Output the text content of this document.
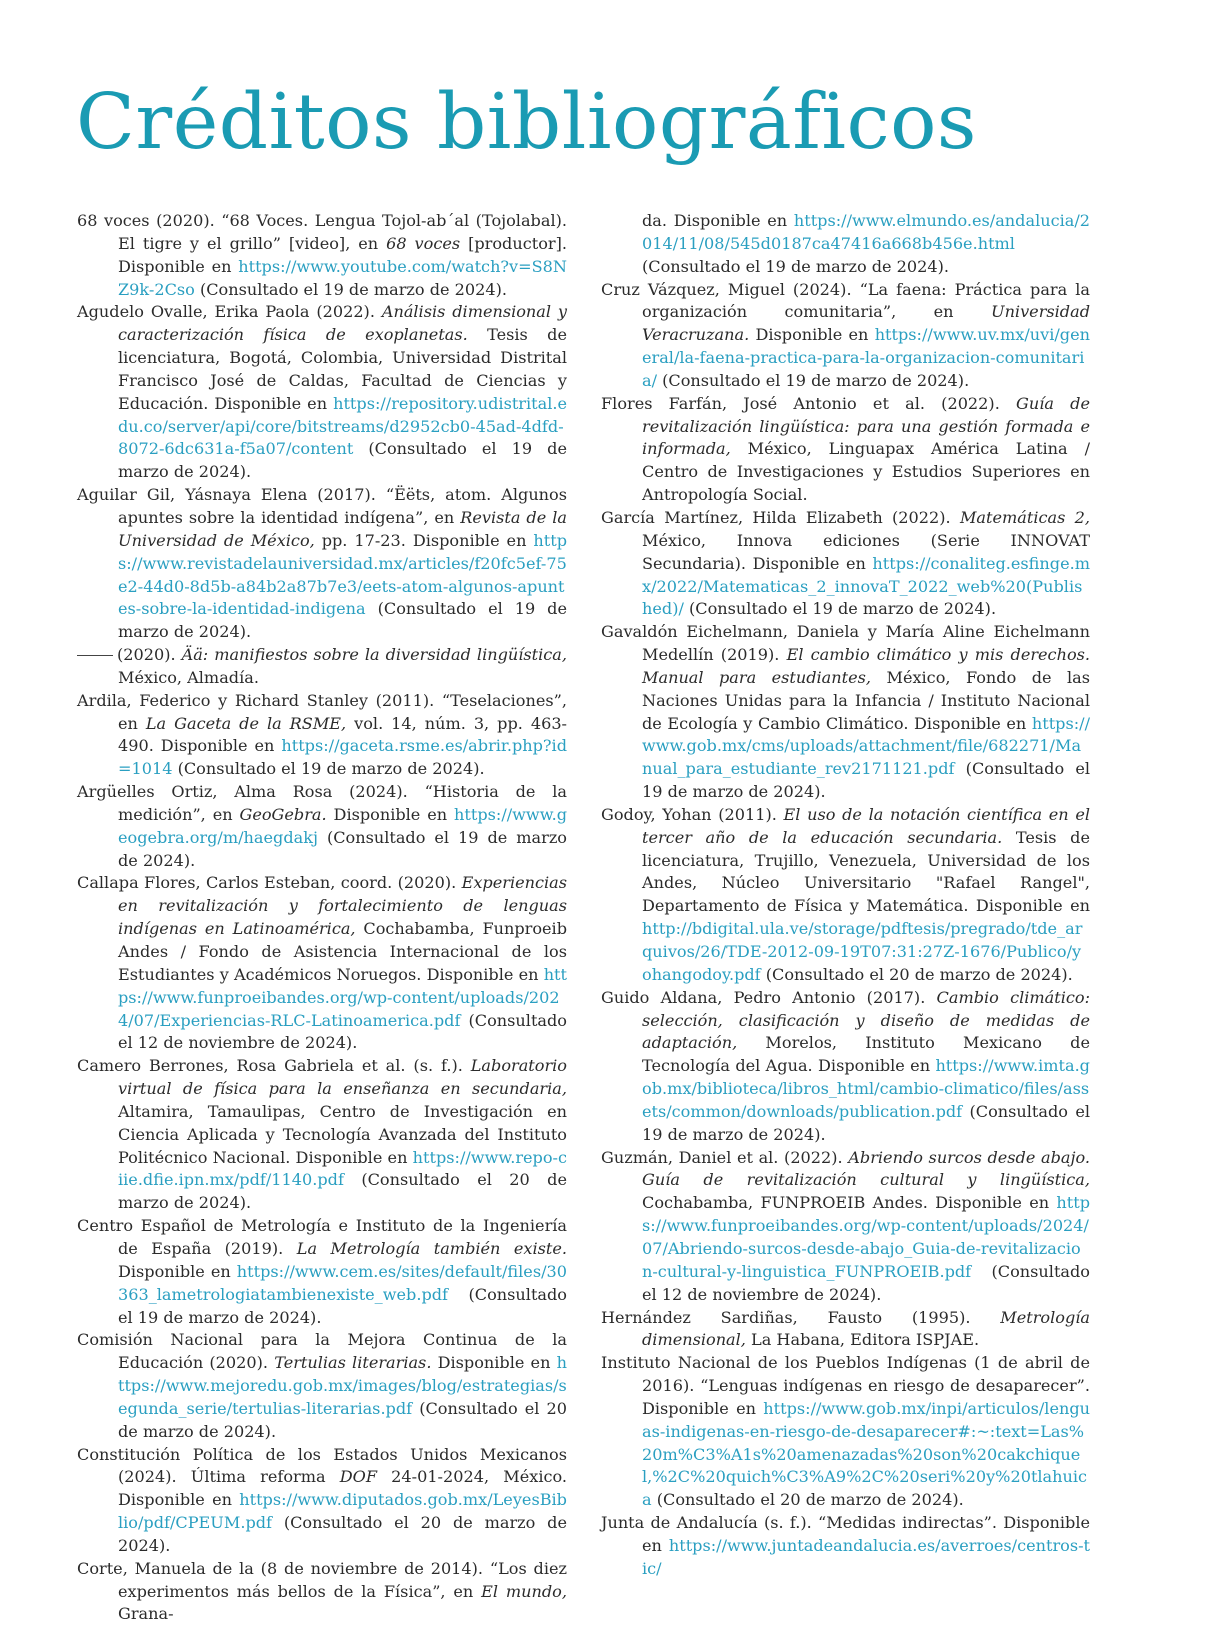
Créditos bibliográficos

68 voces (2020). “68 Voces. Lengua Tojol-ab´al (Tojolabal). El tigre y el grillo” [video], en 68 voces [productor]. Disponible en https://www.youtube.com/watch?v=S8NZ9k-2Cso (Consultado el 19 de marzo de 2024).

Agudelo Ovalle, Erika Paola (2022). Análisis dimensional y caracterización física de exoplanetas. Tesis de licenciatura, Bogotá, Colombia, Universidad Distrital Francisco José de Caldas, Facultad de Ciencias y Educación. Disponible en https://repository.udistrital.edu.co/server/api/core/bitstreams/d2952cb0-45ad-4dfd-8072-6dc631a-f5a07/content (Consultado el 19 de marzo de 2024).

Aguilar Gil, Yásnaya Elena (2017). “Ëëts, atom. Algunos apuntes sobre la identidad indígena”, en Revista de la Universidad de México, pp. 17-23. Disponible en https://www.revistadelauniversidad.mx/articles/f20fc5ef-75e2-44d0-8d5b-a84b2a87b7e3/eets-atom-algunos-apuntes-sobre-la-identidad-indigena (Consultado el 19 de marzo de 2024).

(2020). Ää: manifiestos sobre la diversidad lingüística, México, Almadía.

Ardila, Federico y Richard Stanley (2011). “Teselaciones”, en La Gaceta de la RSME, vol. 14, núm. 3, pp. 463-490. Disponible en https://gaceta.rsme.es/abrir.php?id=1014 (Consultado el 19 de marzo de 2024).

Argüelles Ortiz, Alma Rosa (2024). “Historia de la medición”, en GeoGebra. Disponible en https://www.geogebra.org/m/haegdakj (Consultado el 19 de marzo de 2024).

Callapa Flores, Carlos Esteban, coord. (2020). Experiencias en revitalización y fortalecimiento de lenguas indígenas en Latinoamérica, Cochabamba, Funproeib Andes / Fondo de Asistencia Internacional de los Estudiantes y Académicos Noruegos. Disponible en https://www.funproeibandes.org/wp-content/uploads/2024/07/Experiencias-RLC-Latinoamerica.pdf (Consultado el 12 de noviembre de 2024).

Camero Berrones, Rosa Gabriela et al. (s. f.). Laboratorio virtual de física para la enseñanza en secundaria, Altamira, Tamaulipas, Centro de Investigación en Ciencia Aplicada y Tecnología Avanzada del Instituto Politécnico Nacional. Disponible en https://www.repo-ciie.dfie.ipn.mx/pdf/1140.pdf (Consultado el 20 de marzo de 2024).

Centro Español de Metrología e Instituto de la Ingeniería de España (2019). La Metrología también existe. Disponible en https://www.cem.es/sites/default/files/30363_lametrologiatambienexiste_web.pdf (Consultado el 19 de marzo de 2024).

Comisión Nacional para la Mejora Continua de la Educación (2020). Tertulias literarias. Disponible en https://www.mejoredu.gob.mx/images/blog/estrategias/segunda_serie/tertulias-literarias.pdf (Consultado el 20 de marzo de 2024).

Constitución Política de los Estados Unidos Mexicanos (2024). Última reforma DOF 24-01-2024, México. Disponible en https://www.diputados.gob.mx/LeyesBiblio/pdf/CPEUM.pdf (Consultado el 20 de marzo de 2024).

Corte, Manuela de la (8 de noviembre de 2014). “Los diez experimentos más bellos de la Física”, en El mundo, Grana-

da. Disponible en https://www.elmundo.es/andalucia/2014/11/08/545d0187ca47416a668b456e.html (Consultado el 19 de marzo de 2024).

Cruz Vázquez, Miguel (2024). “La faena: Práctica para la organización comunitaria”, en Universidad Veracruzana. Disponible en https://www.uv.mx/uvi/general/la-faena-practica-para-la-organizacion-comunitaria/ (Consultado el 19 de marzo de 2024).

Flores Farfán, José Antonio et al. (2022). Guía de revitalización lingüística: para una gestión formada e informada, México, Linguapax América Latina / Centro de Investigaciones y Estudios Superiores en Antropología Social.

García Martínez, Hilda Elizabeth (2022). Matemáticas 2, México, Innova ediciones (Serie INNOVAT Secundaria). Disponible en https://conaliteg.esfinge.mx/2022/Matematicas_2_innovaT_2022_web%20(Published)/ (Consultado el 19 de marzo de 2024).

Gavaldón Eichelmann, Daniela y María Aline Eichelmann Medellín (2019). El cambio climático y mis derechos. Manual para estudiantes, México, Fondo de las Naciones Unidas para la Infancia / Instituto Nacional de Ecología y Cambio Climático. Disponible en https://www.gob.mx/cms/uploads/attachment/file/682271/Manual_para_estudiante_rev2171121.pdf (Consultado el 19 de marzo de 2024).

Godoy, Yohan (2011). El uso de la notación científica en el tercer año de la educación secundaria. Tesis de licenciatura, Trujillo, Venezuela, Universidad de los Andes, Núcleo Universitario "Rafael Rangel", Departamento de Física y Matemática. Disponible en http://bdigital.ula.ve/storage/pdftesis/pregrado/tde_arquivos/26/TDE-2012-09-19T07:31:27Z-1676/Publico/yohangodoy.pdf (Consultado el 20 de marzo de 2024).

Guido Aldana, Pedro Antonio (2017). Cambio climático: selección, clasificación y diseño de medidas de adaptación, Morelos, Instituto Mexicano de Tecnología del Agua. Disponible en https://www.imta.gob.mx/biblioteca/libros_html/cambio-climatico/files/assets/common/downloads/publication.pdf (Consultado el 19 de marzo de 2024).

Guzmán, Daniel et al. (2022). Abriendo surcos desde abajo. Guía de revitalización cultural y lingüística, Cochabamba, FUNPROEIB Andes. Disponible en https://www.funproeibandes.org/wp-content/uploads/2024/07/Abriendo-surcos-desde-abajo_Guia-de-revitalizacion-cultural-y-linguistica_FUNPROEIB.pdf (Consultado el 12 de noviembre de 2024).

Hernández Sardiñas, Fausto (1995). Metrología dimensional, La Habana, Editora ISPJAE.

Instituto Nacional de los Pueblos Indígenas (1 de abril de 2016). “Lenguas indígenas en riesgo de desaparecer”. Disponible en https://www.gob.mx/inpi/articulos/lenguas-indigenas-en-riesgo-de-desaparecer#:~:text=Las%20m%C3%A1s%20amenazadas%20son%20cakchiquel,%2C%20quich%C3%A9%2C%20seri%20y%20tlahuica (Consultado el 20 de marzo de 2024).

Junta de Andalucía (s. f.). “Medidas indirectas”. Disponible en https://www.juntadeandalucia.es/averroes/centros-tic/
